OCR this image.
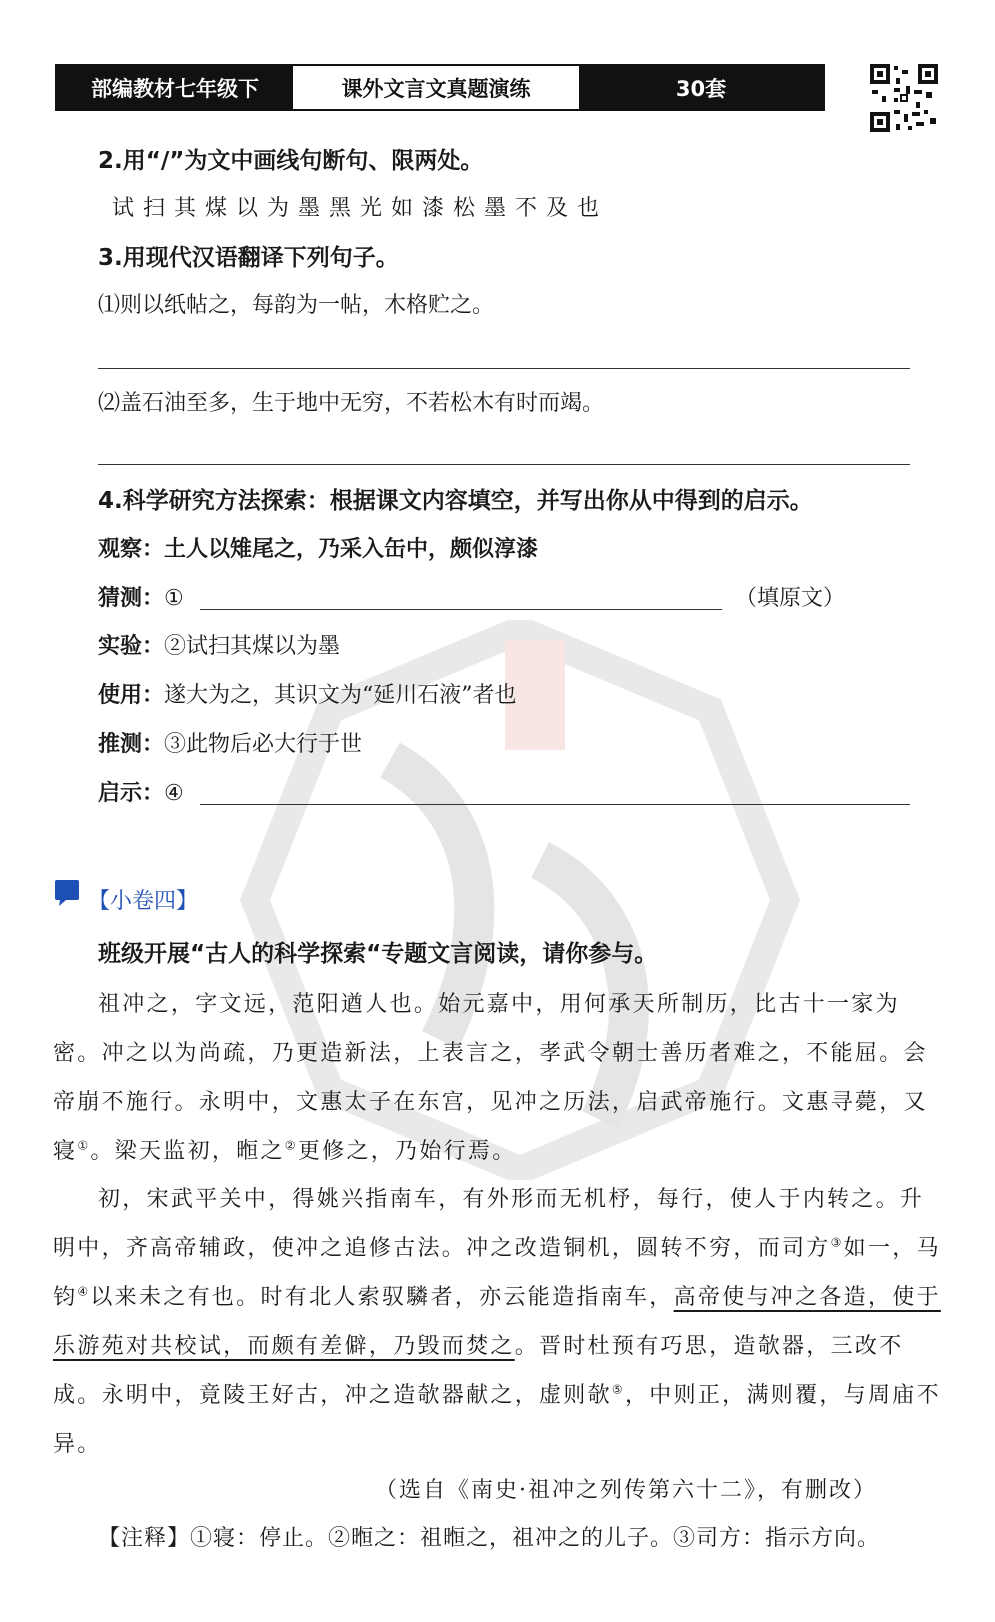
部编教材七年级下	课外文言文真题演练	30套
2.用“/”为文中画线句断句、限两处。
试扫其煤以为墨黑光如漆松墨不及也
3.用现代汉语翻译下列句子。
⑴则以纸帖之，每韵为一帖，木格贮之。
⑵盖石油至多，生于地中无穷，不若松木有时而竭。
4.科学研究方法探索：根据课文内容填空，并写出你从中得到的启示。
观察：土人以雉尾之，乃采入缶中，颇似淳漆
猜测：①	（填原文）
实验：②试扫其煤以为墨
使用：遂大为之，其识文为“延川石液”者也
推测：③此物后必大行于世
启示：④
【小卷四】
班级开展“古人的科学探索“专题文言阅读，请你参与。
祖冲之，字文远，范阳遒人也。始元嘉中，用何承天所制历，比古十一家为密。冲之以为尚疏，乃更造新法，上表言之，孝武令朝士善历者难之，不能屈。会帝崩不施行。永明中，文惠太子在东宫，见冲之历法，启武帝施行。文惠寻薨，又寝①。梁天监初，暅之②更修之，乃始行焉。
初，宋武平关中，得姚兴指南车，有外形而无机杼，每行，使人于内转之。升明中，齐高帝辅政，使冲之追修古法。冲之改造铜机，圆转不穷，而司方③如一，马钧④以来未之有也。时有北人索驭驎者，亦云能造指南车，高帝使与冲之各造，使于乐游苑对共校试，而颇有差僻，乃毁而焚之。晋时杜预有巧思，造欹器，三改不成。永明中，竟陵王好古，冲之造欹器献之，虚则欹⑤，中则正，满则覆，与周庙不异。
（选自《南史·祖冲之列传第六十二》，有删改）
【注释】①寝：停止。②暅之：祖暅之，祖冲之的儿子。③司方：指示方向。
